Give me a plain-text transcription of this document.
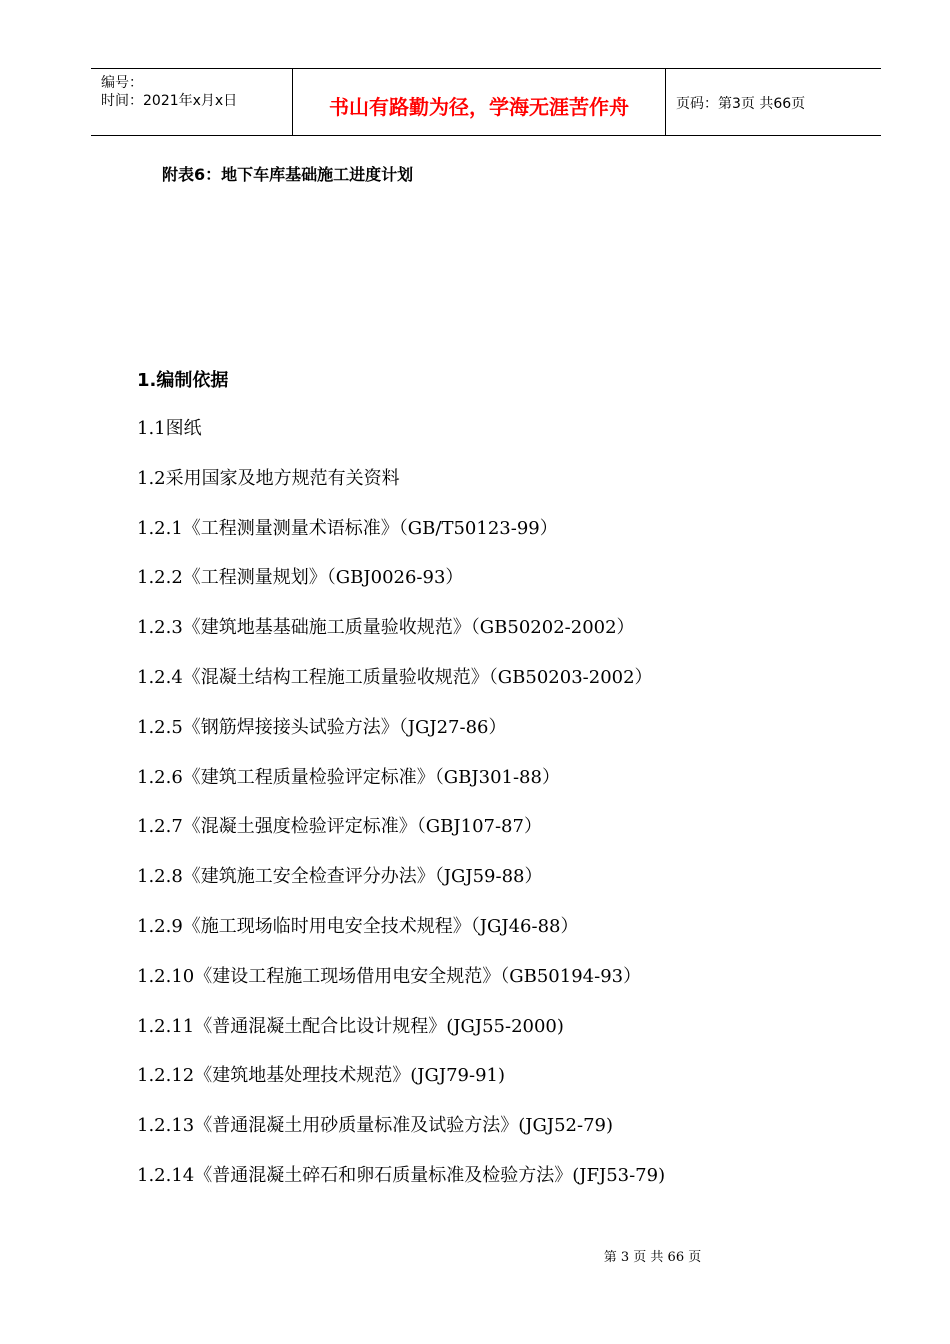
编号：
时间：2021年x月x日	书山有路勤为径，学海无涯苦作舟	页码：第3页 共66页
附表6：地下车库基础施工进度计划
1.编制依据
1.1图纸
1.2采用国家及地方规范有关资料
1.2.1《工程测量测量术语标准》（GB/T50123-99）
1.2.2《工程测量规划》（GBJ0026-93）
1.2.3《建筑地基基础施工质量验收规范》（GB50202-2002）
1.2.4《混凝土结构工程施工质量验收规范》（GB50203-2002）
1.2.5《钢筋焊接接头试验方法》（JGJ27-86）
1.2.6《建筑工程质量检验评定标准》（GBJ301-88）
1.2.7《混凝土强度检验评定标准》（GBJ107-87）
1.2.8《建筑施工安全检查评分办法》（JGJ59-88）
1.2.9《施工现场临时用电安全技术规程》（JGJ46-88）
1.2.10《建设工程施工现场借用电安全规范》（GB50194-93）
1.2.11《普通混凝土配合比设计规程》(JGJ55-2000)
1.2.12《建筑地基处理技术规范》(JGJ79-91)
1.2.13《普通混凝土用砂质量标准及试验方法》(JGJ52-79)
1.2.14《普通混凝土碎石和卵石质量标准及检验方法》(JFJ53-79)
第 3 页 共 66 页
